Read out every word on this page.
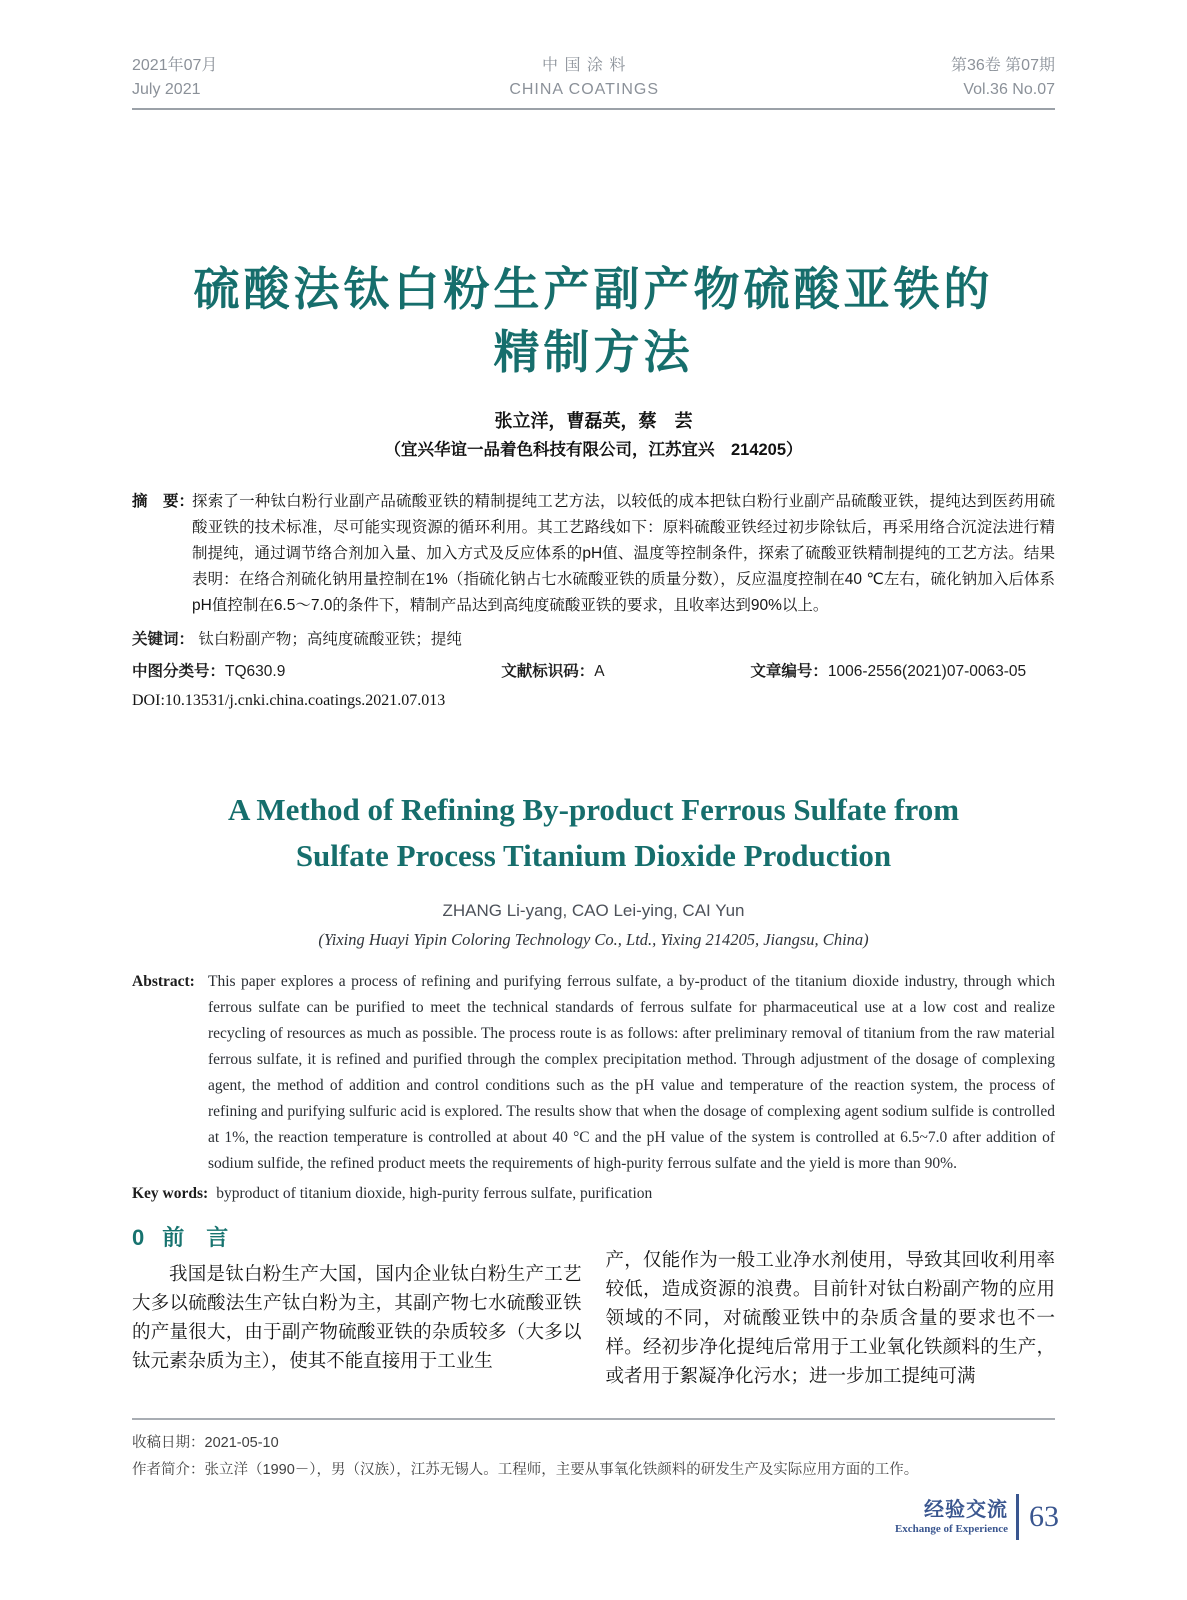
2021年07月
July 2021
中 国 涂 料
CHINA COATINGS
第36卷 第07期
Vol.36 No.07
硫酸法钛白粉生产副产物硫酸亚铁的
精制方法
张立洋，曹磊英，蔡　芸
（宜兴华谊一品着色科技有限公司，江苏宜兴　214205）
摘　要：
探索了一种钛白粉行业副产品硫酸亚铁的精制提纯工艺方法，以较低的成本把钛白粉行业副产品硫酸亚铁，提纯达到医药用硫酸亚铁的技术标准，尽可能实现资源的循环利用。其工艺路线如下：原料硫酸亚铁经过初步除钛后，再采用络合沉淀法进行精制提纯，通过调节络合剂加入量、加入方式及反应体系的pH值、温度等控制条件，探索了硫酸亚铁精制提纯的工艺方法。结果表明：在络合剂硫化钠用量控制在1%（指硫化钠占七水硫酸亚铁的质量分数），反应温度控制在40 ℃左右，硫化钠加入后体系pH值控制在6.5～7.0的条件下，精制产品达到高纯度硫酸亚铁的要求，且收率达到90%以上。
关键词： 钛白粉副产物；高纯度硫酸亚铁；提纯
中图分类号：TQ630.9	文献标识码：A	文章编号：1006-2556(2021)07-0063-05
DOI:10.13531/j.cnki.china.coatings.2021.07.013
A Method of Refining By-product Ferrous Sulfate from
Sulfate Process Titanium Dioxide Production
ZHANG Li-yang, CAO Lei-ying, CAI Yun
(Yixing Huayi Yipin Coloring Technology Co., Ltd., Yixing 214205, Jiangsu, China)
Abstract: This paper explores a process of refining and purifying ferrous sulfate, a by-product of the titanium dioxide industry, through which ferrous sulfate can be purified to meet the technical standards of ferrous sulfate for pharmaceutical use at a low cost and realize recycling of resources as much as possible. The process route is as follows: after preliminary removal of titanium from the raw material ferrous sulfate, it is refined and purified through the complex precipitation method. Through adjustment of the dosage of complexing agent, the method of addition and control conditions such as the pH value and temperature of the reaction system, the process of refining and purifying sulfuric acid is explored. The results show that when the dosage of complexing agent sodium sulfide is controlled at 1%, the reaction temperature is controlled at about 40 °C and the pH value of the system is controlled at 6.5~7.0 after addition of sodium sulfide, the refined product meets the requirements of high-purity ferrous sulfate and the yield is more than 90%.
Key words: byproduct of titanium dioxide, high-purity ferrous sulfate, purification
0 前　言

我国是钛白粉生产大国，国内企业钛白粉生产工艺大多以硫酸法生产钛白粉为主，其副产物七水硫酸亚铁的产量很大，由于副产物硫酸亚铁的杂质较多（大多以钛元素杂质为主），使其不能直接用于工业生

产，仅能作为一般工业净水剂使用，导致其回收利用率较低，造成资源的浪费。目前针对钛白粉副产物的应用领域的不同，对硫酸亚铁中的杂质含量的要求也不一样。经初步净化提纯后常用于工业氧化铁颜料的生产，或者用于絮凝净化污水；进一步加工提纯可满

收稿日期：2021-05-10
作者简介：张立洋（1990－），男（汉族），江苏无锡人。工程师，主要从事氧化铁颜料的研发生产及实际应用方面的工作。
经验交流
Exchange of Experience 63
